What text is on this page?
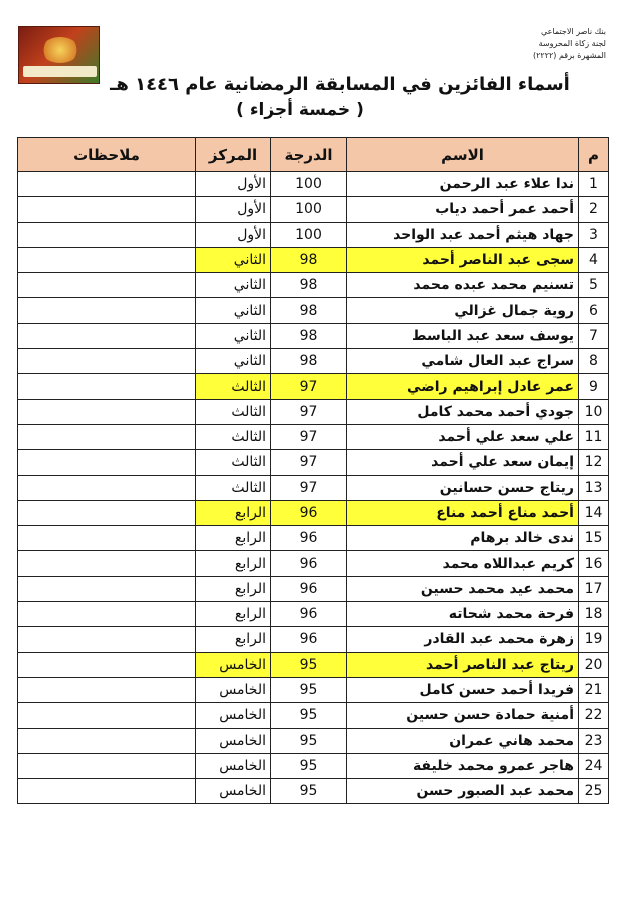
بنك ناصر الاجتماعي
لجنة زكاة المحروسة
المشهرة برقم (٢٢٢٢)
أسماء الفائزين في المسابقة الرمضانية عام ١٤٤٦ هـ
( خمسة أجزاء )
م	الاسم	الدرجة	المركز	ملاحظات
1	ندا علاء عبد الرحمن	100	الأول	
2	أحمد عمر أحمد دياب	100	الأول	
3	جهاد هيثم أحمد عبد الواحد	100	الأول	
4	سجى عبد الناصر أحمد	98	الثاني	
5	تسنيم محمد عبده محمد	98	الثاني	
6	روية جمال غزالي	98	الثاني	
7	يوسف سعد عبد الباسط	98	الثاني	
8	سراج عبد العال شامي	98	الثاني	
9	عمر عادل إبراهيم راضي	97	الثالث	
10	جودي أحمد محمد كامل	97	الثالث	
11	علي سعد علي أحمد	97	الثالث	
12	إيمان سعد علي أحمد	97	الثالث	
13	ريتاج حسن حسانين	97	الثالث	
14	أحمد مناع أحمد مناع	96	الرابع	
15	ندى خالد برهام	96	الرابع	
16	كريم عبداللاه محمد	96	الرابع	
17	محمد عيد محمد حسين	96	الرابع	
18	فرحة محمد شحاته	96	الرابع	
19	زهرة محمد عبد القادر	96	الرابع	
20	ريتاج عبد الناصر أحمد	95	الخامس	
21	فريدا أحمد حسن كامل	95	الخامس	
22	أمنية حمادة حسن حسين	95	الخامس	
23	محمد هاني عمران	95	الخامس	
24	هاجر عمرو محمد خليفة	95	الخامس	
25	محمد عبد الصبور حسن	95	الخامس	
